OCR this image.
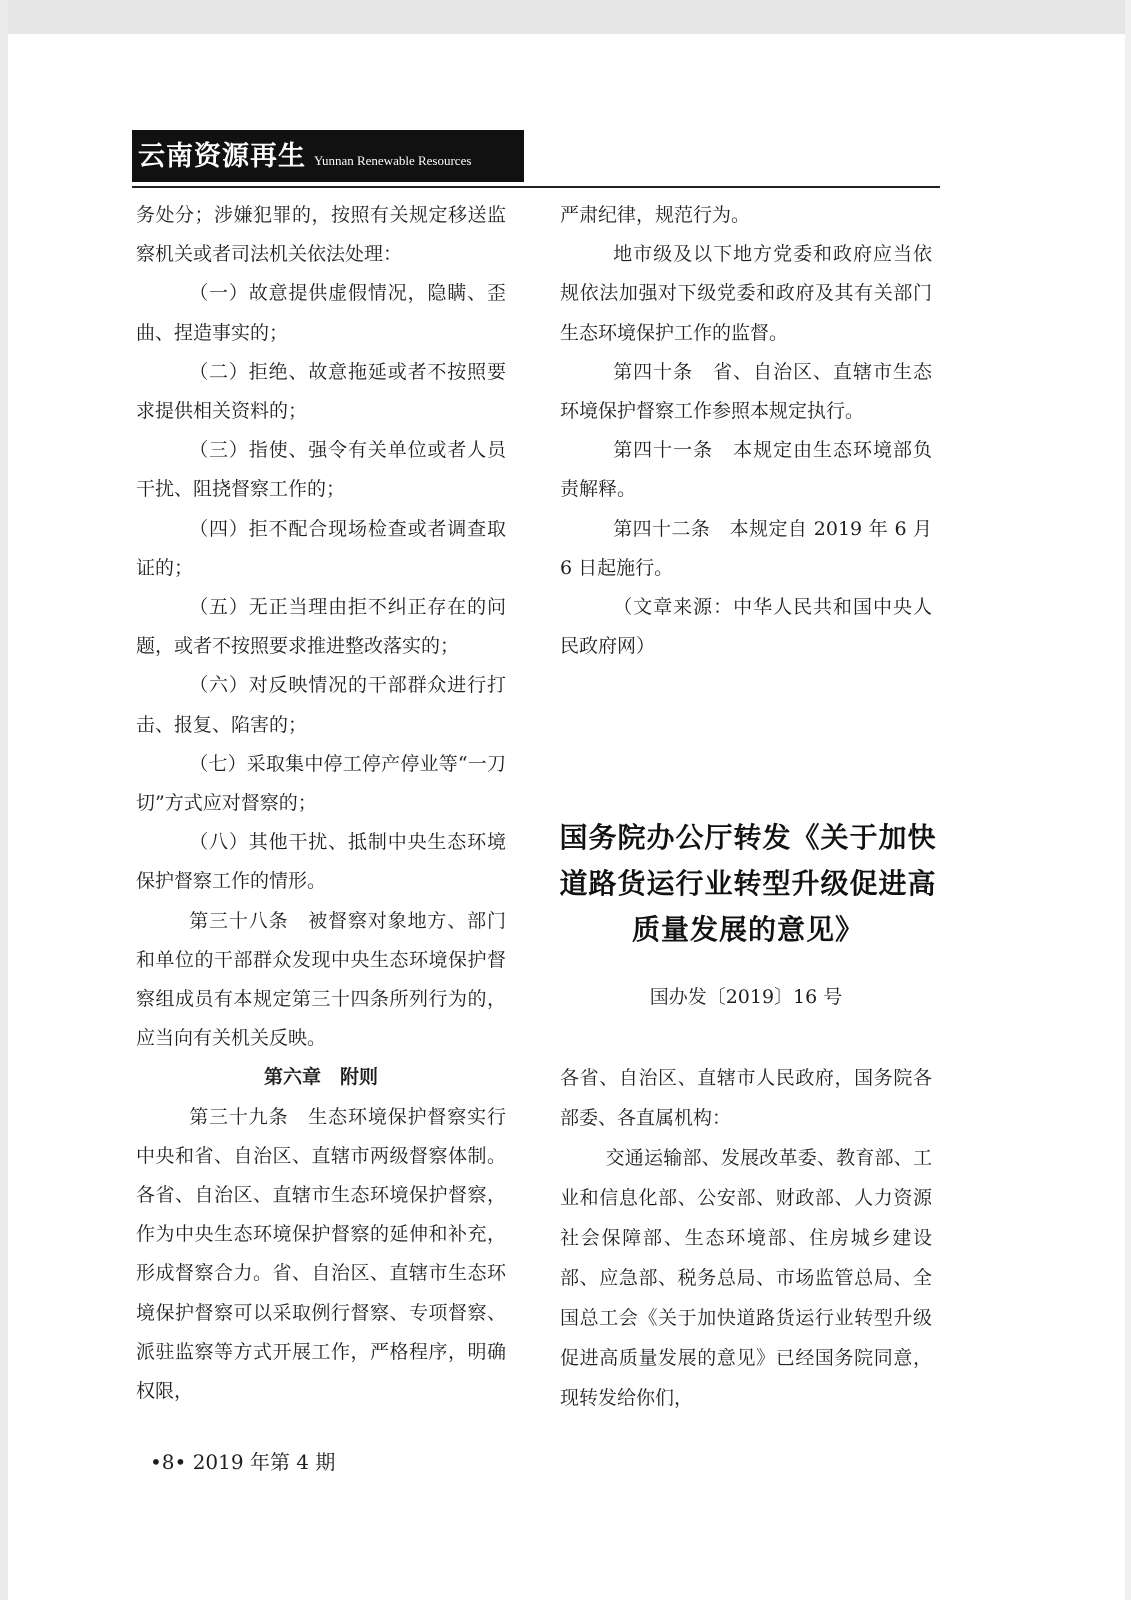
云南资源再生 Yunnan Renewable Resources

务处分；涉嫌犯罪的，按照有关规定移送监察机关或者司法机关依法处理：

（一）故意提供虚假情况，隐瞒、歪曲、捏造事实的；

（二）拒绝、故意拖延或者不按照要求提供相关资料的；

（三）指使、强令有关单位或者人员干扰、阻挠督察工作的；

（四）拒不配合现场检查或者调查取证的；

（五）无正当理由拒不纠正存在的问题，或者不按照要求推进整改落实的；

（六）对反映情况的干部群众进行打击、报复、陷害的；

（七）采取集中停工停产停业等“一刀切”方式应对督察的；

（八）其他干扰、抵制中央生态环境保护督察工作的情形。

第三十八条　被督察对象地方、部门和单位的干部群众发现中央生态环境保护督察组成员有本规定第三十四条所列行为的，应当向有关机关反映。

第六章　附则

第三十九条　生态环境保护督察实行中央和省、自治区、直辖市两级督察体制。各省、自治区、直辖市生态环境保护督察，作为中央生态环境保护督察的延伸和补充，形成督察合力。省、自治区、直辖市生态环境保护督察可以采取例行督察、专项督察、派驻监察等方式开展工作，严格程序，明确权限，

严肃纪律，规范行为。

地市级及以下地方党委和政府应当依规依法加强对下级党委和政府及其有关部门生态环境保护工作的监督。

第四十条　省、自治区、直辖市生态环境保护督察工作参照本规定执行。

第四十一条　本规定由生态环境部负责解释。

第四十二条　本规定自 2019 年 6 月 6 日起施行。

（文章来源：中华人民共和国中央人民政府网）

国务院办公厅转发《关于加快道路货运行业转型升级促进高质量发展的意见》
国办发〔2019〕16 号

各省、自治区、直辖市人民政府，国务院各部委、各直属机构：

交通运输部、发展改革委、教育部、工业和信息化部、公安部、财政部、人力资源社会保障部、生态环境部、住房城乡建设部、应急部、税务总局、市场监管总局、全国总工会《关于加快道路货运行业转型升级促进高质量发展的意见》已经国务院同意，现转发给你们，

•8• 2019 年第 4 期
